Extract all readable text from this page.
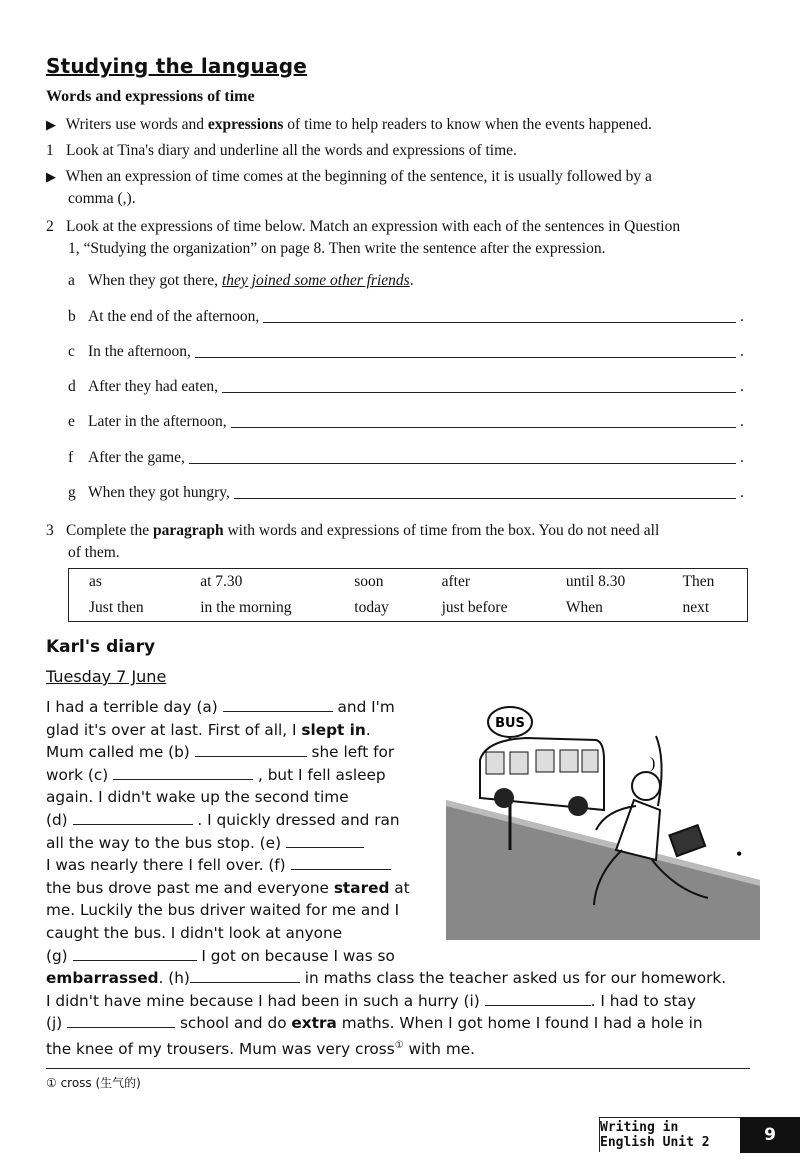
Studying the language
Words and expressions of time
▶ Writers use words and expressions of time to help readers to know when the events happened.
1 Look at Tina's diary and underline all the words and expressions of time.
▶ When an expression of time comes at the beginning of the sentence, it is usually followed by a
comma (,).
2 Look at the expressions of time below. Match an expression with each of the sentences in Question
1, “Studying the organization” on page 8. Then write the sentence after the expression.
a When they got there, they joined some other friends .
b At the end of the afternoon,	.
c In the afternoon,	.
d After they had eaten,	.
e Later in the afternoon,	.
f After the game,	.
g When they got hungry,	.
3 Complete the paragraph with words and expressions of time from the box. You do not need all
of them.
as	at 7.30	soon	after	until 8.30	Then
Just then	in the morning	today	just before	When	next
Karl's diary
Tuesday 7 June
I had a terrible day (a)	and I'm
glad it's over at last. First of all, I slept in.
Mum called me (b)	she left for
work (c)	, but I fell asleep
again. I didn't wake up the second time
(d)	. I quickly dressed and ran
all the way to the bus stop. (e)
I was nearly there I fell over. (f)
the bus drove past me and everyone stared at
me. Luckily the bus driver waited for me and I
caught the bus. I didn't look at anyone
(g)	I got on because I was so
embarrassed. (h)	in maths class the teacher asked us for our homework.
I didn't have mine because I had been in such a hurry (i)	. I had to stay
(j)	school and do extra maths. When I got home I found I had a hole in
the knee of my trousers. Mum was very cross① with me.
BUS
)
•
① cross (生气的)
Writing in English Unit 2	9
